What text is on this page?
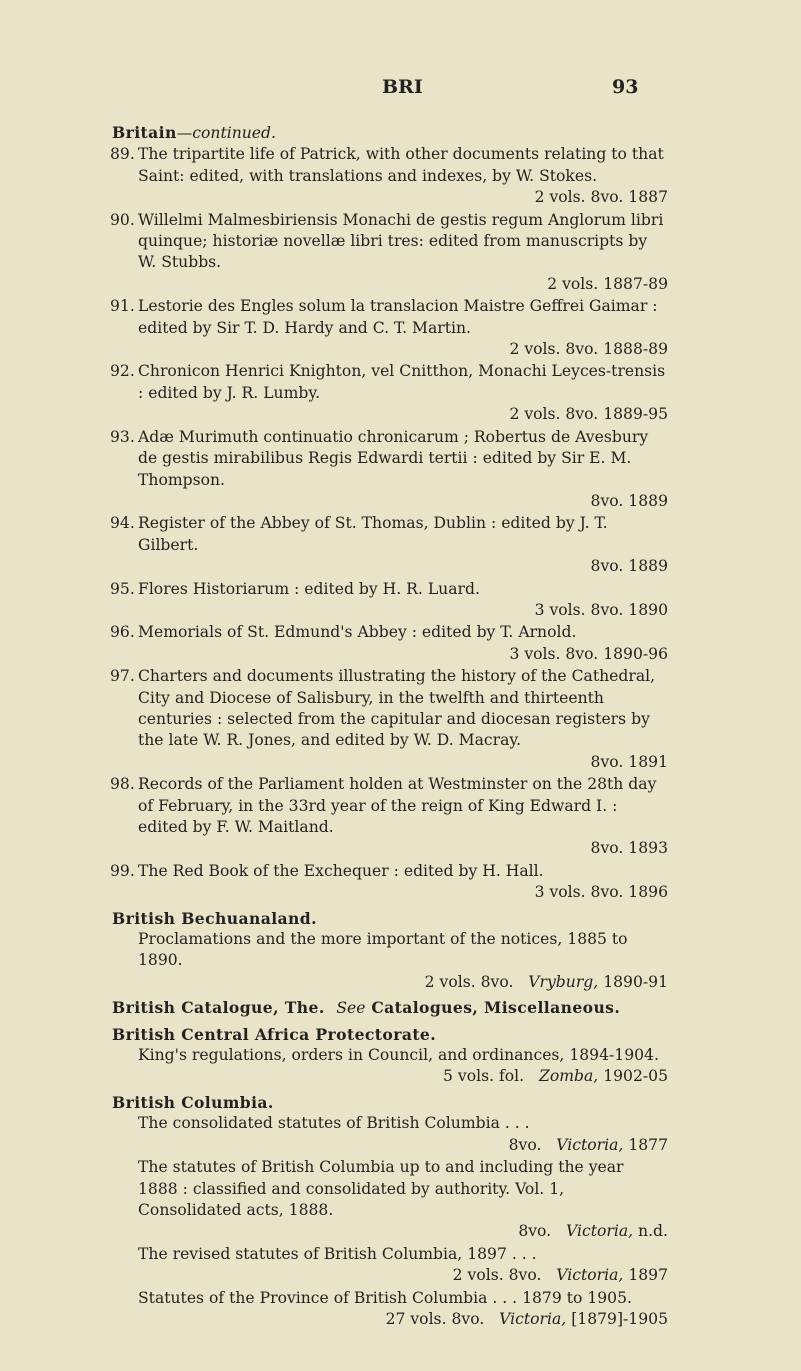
BRI	93
Britain—continued.
89. The tripartite life of Patrick, with other documents relating to that Saint: edited, with translations and indexes, by W. Stokes.
2 vols. 8vo. 1887
90. Willelmi Malmesbiriensis Monachi de gestis regum Anglorum libri quinque; historiæ novellæ libri tres: edited from manuscripts by W. Stubbs.
2 vols. 1887-89
91. Lestorie des Engles solum la translacion Maistre Geffrei Gaimar : edited by Sir T. D. Hardy and C. T. Martin.
2 vols. 8vo. 1888-89
92. Chronicon Henrici Knighton, vel Cnitthon, Monachi Leyces-trensis : edited by J. R. Lumby.
2 vols. 8vo. 1889-95
93. Adæ Murimuth continuatio chronicarum ; Robertus de Avesbury de gestis mirabilibus Regis Edwardi tertii : edited by Sir E. M. Thompson.
8vo. 1889
94. Register of the Abbey of St. Thomas, Dublin : edited by J. T. Gilbert.
8vo. 1889
95. Flores Historiarum : edited by H. R. Luard.
3 vols. 8vo. 1890
96. Memorials of St. Edmund's Abbey : edited by T. Arnold.
3 vols. 8vo. 1890-96
97. Charters and documents illustrating the history of the Cathedral, City and Diocese of Salisbury, in the twelfth and thirteenth centuries : selected from the capitular and diocesan registers by the late W. R. Jones, and edited by W. D. Macray.
8vo. 1891
98. Records of the Parliament holden at Westminster on the 28th day of February, in the 33rd year of the reign of King Edward I. : edited by F. W. Maitland.
8vo. 1893
99. The Red Book of the Exchequer : edited by H. Hall.
3 vols. 8vo. 1896
British Bechuanaland.
Proclamations and the more important of the notices, 1885 to 1890.
2 vols. 8vo. Vryburg, 1890-91
British Catalogue, The. See Catalogues, Miscellaneous.
British Central Africa Protectorate.
King's regulations, orders in Council, and ordinances, 1894-1904.
5 vols. fol. Zomba, 1902-05
British Columbia.
The consolidated statutes of British Columbia . . .
8vo. Victoria, 1877
The statutes of British Columbia up to and including the year 1888 : classified and consolidated by authority. Vol. 1, Consolidated acts, 1888.
8vo. Victoria, n.d.
The revised statutes of British Columbia, 1897 . . .
2 vols. 8vo. Victoria, 1897
Statutes of the Province of British Columbia . . . 1879 to 1905.
27 vols. 8vo. Victoria, [1879]-1905
